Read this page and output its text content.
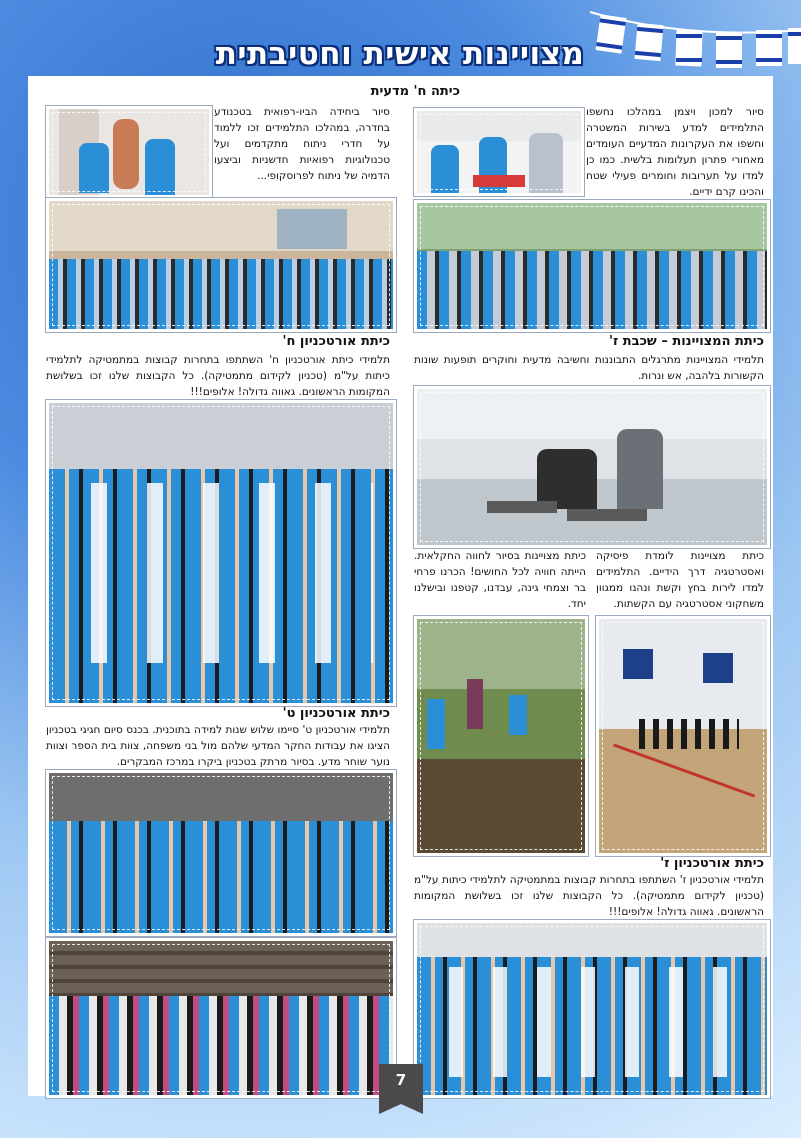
מצויינות אישית וחטיבתית
כיתה ח' מדעית
סיור ביחידה הביו-רפואית בטכנודע בחדרה, במהלכו התלמידים זכו ללמוד על חדרי ניתוח מתקדמים ועל טכנולוגיות רפואיות חדשניות וביצעו הדמיה של ניתוח לפרוסקופי...
סיור למכון ויצמן במהלכו נחשפו התלמידים למדע בשירות המשטרה וחשפו את העקרונות המדעיים העומדים מאחורי פתרון תעלומות בלשית. כמו כן למדו על תערובות וחומרים פעילי שטח והכינו קרם ידיים.
כיתת אורטכניון ח'
תלמידי כיתת אורטכניון ח' השתתפו בתחרות קבוצות במתמטיקה לתלמידי כיתות על"מ (טכניון לקידום מתמטיקה). כל הקבוצות שלנו זכו בשלושת המקומות הראשונים. גאווה גדולה! אלופים!!!
כיתת המצויינות – שכבת ז'
תלמידי המצויינות מתרגלים התבוננות וחשיבה מדעית וחוקרים תופעות שונות הקשורות בלהבה, אש ונרות.
כיתת מצויינות לומדת פיסיקה ואסטרטגיה דרך הידיים. התלמידים למדו לירות בחץ וקשת ונהנו ממגוון משחקוני אסטרטגיה עם הקשתות.
כיתת מצויינות בסיור לחווה החקלאית. הייתה חוויה לכל החושים! הכרנו פרחי בר וצמחי גינה, עבדנו, קטפנו ובישלנו יחד.
כיתת אורטכניון ט'
תלמידי אורטכניון ט' סיימו שלוש שנות למידה בתוכנית. בכנס סיום חגיגי בטכניון הציגו את עבודות החקר המדעי שלהם מול בני משפחה, צוות בית הספר וצוות נוער שוחר מדע. בסיור מרתק בטכניון ביקרו במרכז המבקרים.
כיתת אורטכניון ז'
תלמידי אורטכניון ז' השתתפו בתחרות קבוצות במתמטיקה לתלמידי כיתות על"מ (טכניון לקידום מתמטיקה). כל הקבוצות שלנו זכו בשלושת המקומות הראשונים. גאווה גדולה! אלופים!!!
7
